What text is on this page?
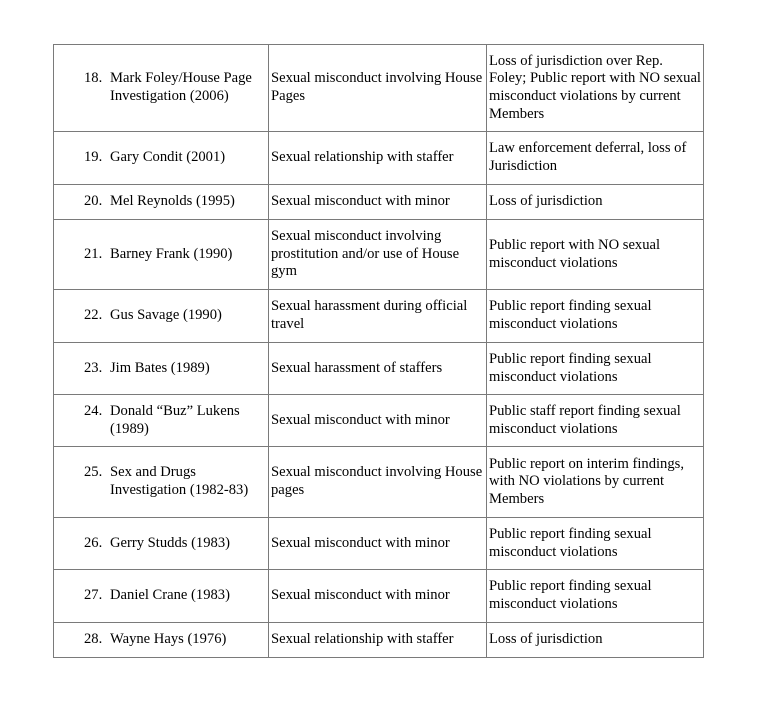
18. Mark Foley/House Page Investigation (2006)	Sexual misconduct involving House Pages	Loss of jurisdiction over Rep. Foley; Public report with NO sexual misconduct violations by current Members

19. Gary Condit (2001)	Sexual relationship with staffer	Law enforcement deferral, loss of Jurisdiction

20. Mel Reynolds (1995)	Sexual misconduct with minor	Loss of jurisdiction

21. Barney Frank (1990)	Sexual misconduct involving prostitution and/or use of House gym	Public report with NO sexual misconduct violations

22. Gus Savage (1990)	Sexual harassment during official travel	Public report finding sexual misconduct violations

23. Jim Bates (1989)	Sexual harassment of staffers	Public report finding sexual misconduct violations

24. Donald “Buz” Lukens (1989)	Sexual misconduct with minor	Public staff report finding sexual misconduct violations

25. Sex and Drugs Investigation (1982-83)	Sexual misconduct involving House pages	Public report on interim findings, with NO violations by current Members

26. Gerry Studds (1983)	Sexual misconduct with minor	Public report finding sexual misconduct violations

27. Daniel Crane (1983)	Sexual misconduct with minor	Public report finding sexual misconduct violations

28. Wayne Hays (1976)	Sexual relationship with staffer	Loss of jurisdiction
